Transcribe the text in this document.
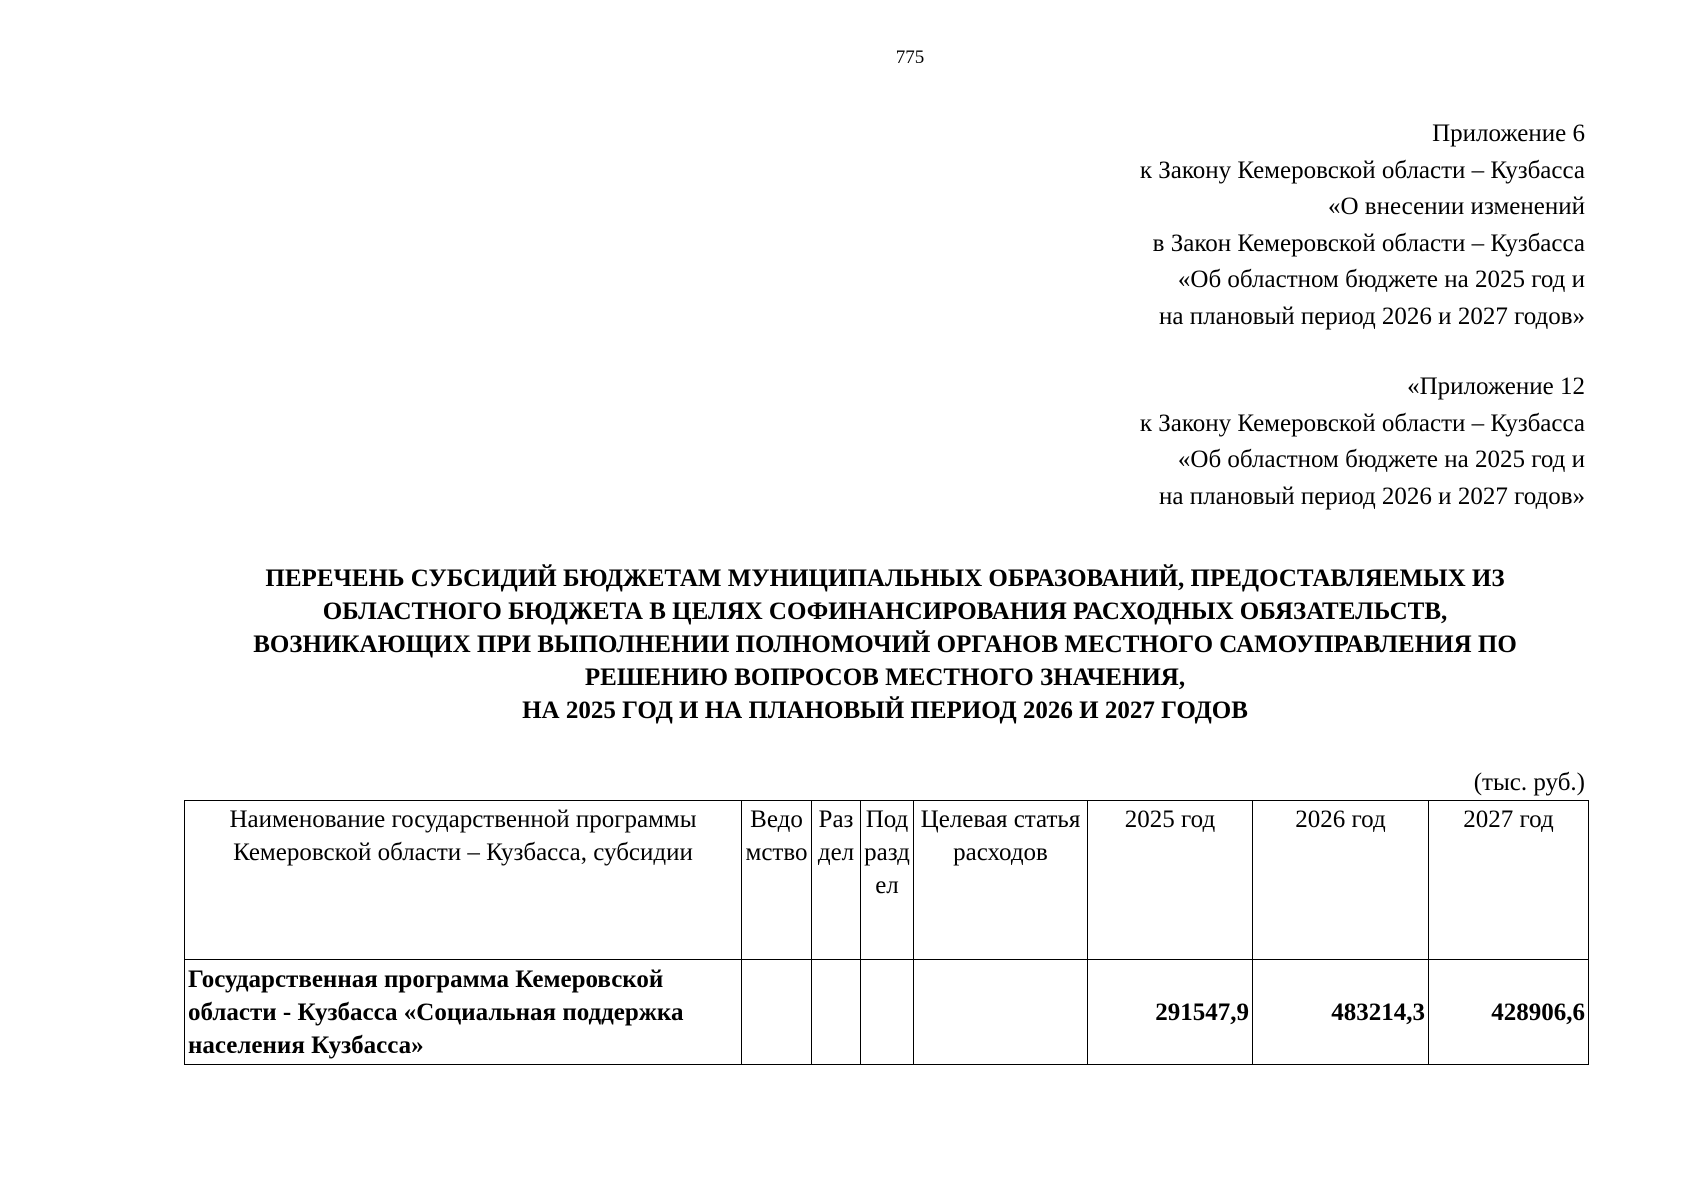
775
Приложение 6
к Закону Кемеровской области – Кузбасса
«О внесении изменений
в Закон Кемеровской области – Кузбасса
«Об областном бюджете на 2025 год и
на плановый период 2026 и 2027 годов»
«Приложение 12
к Закону Кемеровской области – Кузбасса
«Об областном бюджете на 2025 год и
на плановый период 2026 и 2027 годов»
ПЕРЕЧЕНЬ СУБСИДИЙ БЮДЖЕТАМ МУНИЦИПАЛЬНЫХ ОБРАЗОВАНИЙ, ПРЕДОСТАВЛЯЕМЫХ ИЗ
ОБЛАСТНОГО БЮДЖЕТА В ЦЕЛЯХ СОФИНАНСИРОВАНИЯ РАСХОДНЫХ ОБЯЗАТЕЛЬСТВ,
ВОЗНИКАЮЩИХ ПРИ ВЫПОЛНЕНИИ ПОЛНОМОЧИЙ ОРГАНОВ МЕСТНОГО САМОУПРАВЛЕНИЯ ПО
РЕШЕНИЮ ВОПРОСОВ МЕСТНОГО ЗНАЧЕНИЯ,
НА 2025 ГОД И НА ПЛАНОВЫЙ ПЕРИОД 2026 И 2027 ГОДОВ
(тыс. руб.)
Наименование государственной программы Кемеровской области – Кузбасса, субсидии	Ведомство	Раздел	Подраздел	Целевая статья расходов	2025 год	2026 год	2027 год
Государственная программа Кемеровской области - Кузбасса «Социальная поддержка населения Кузбасса»					291547,9	483214,3	428906,6
